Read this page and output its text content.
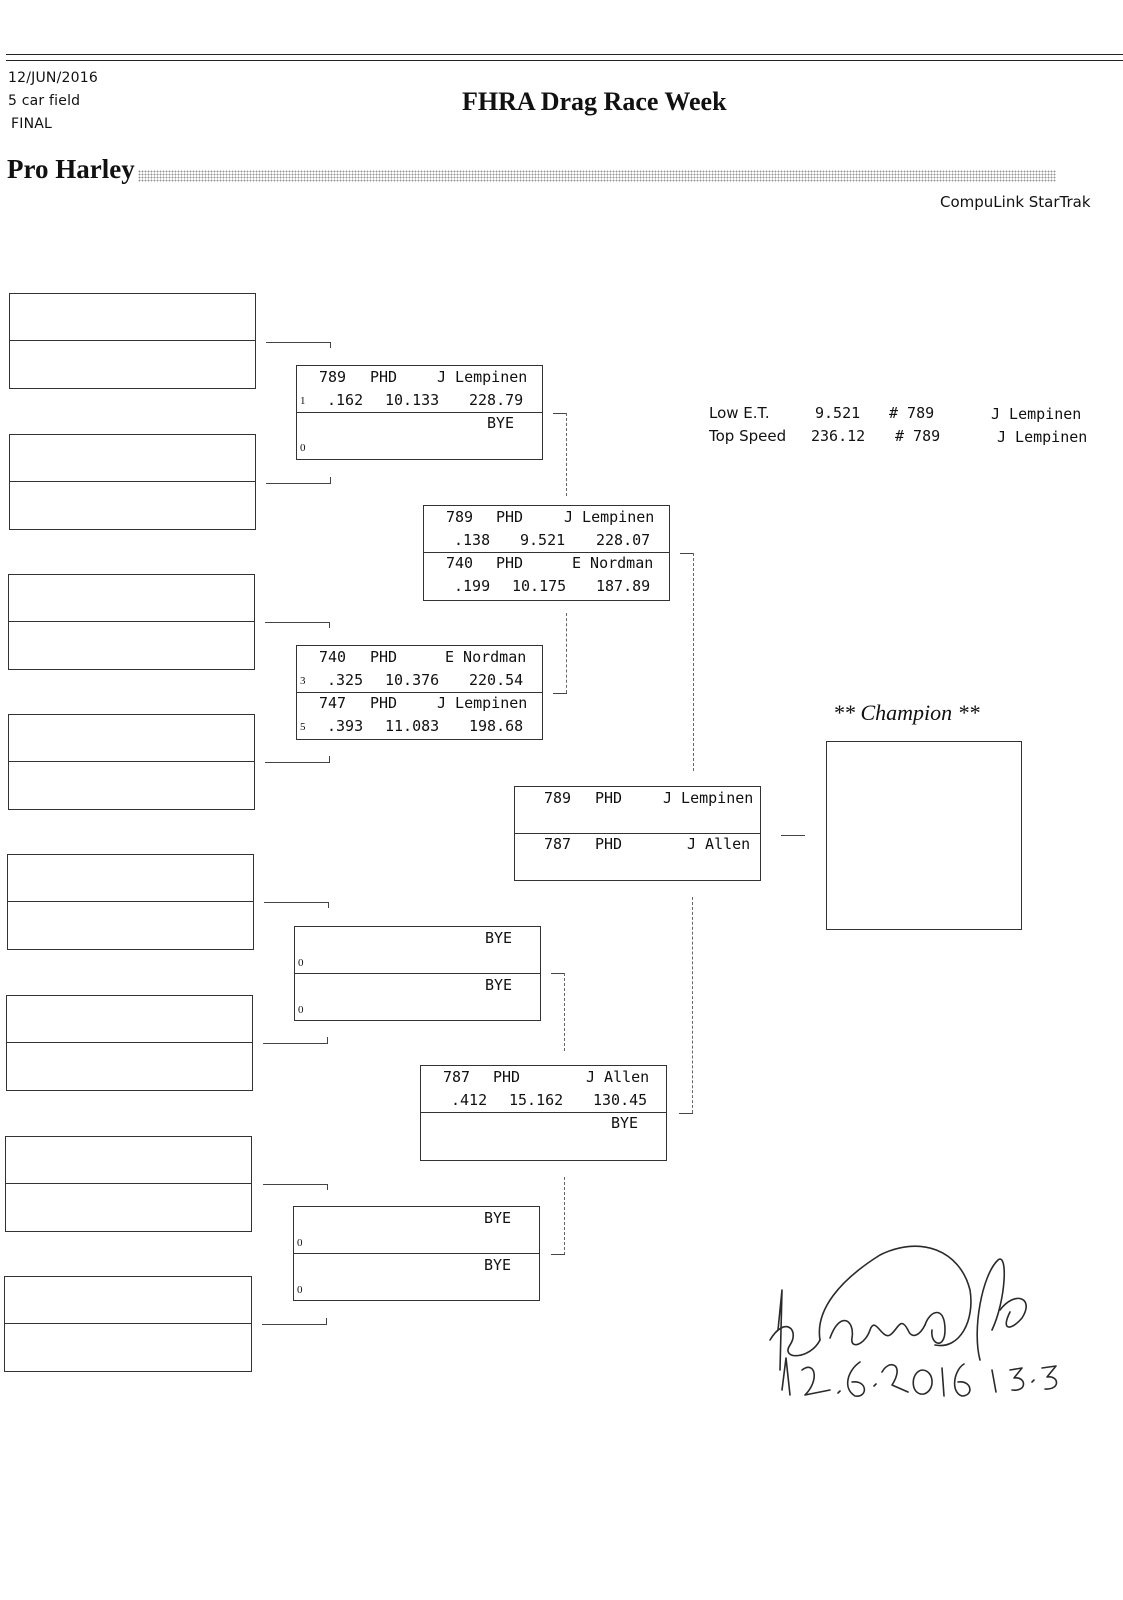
12/JUN/2016
5 car field
FINAL
FHRA Drag Race Week
Pro Harley
CompuLink StarTrak
789 PHD	J Lempinen
1 .162 10.133 228.79
BYE
0
740 PHD	E Nordman
3 .325 10.376 220.54
747 PHD	J Lempinen
5 .393 11.083 198.68
BYE
0
BYE
0
BYE
0
BYE
0
789 PHD	J Lempinen
.138 9.521 228.07
740 PHD	E Nordman
.199 10.175 187.89
787 PHD	J Allen
.412 15.162 130.45
BYE
789 PHD	J Lempinen
787 PHD	J Allen
Low E.T.	9.521 # 789	J Lempinen
Top Speed 236.12 # 789	J Lempinen
** Champion **
